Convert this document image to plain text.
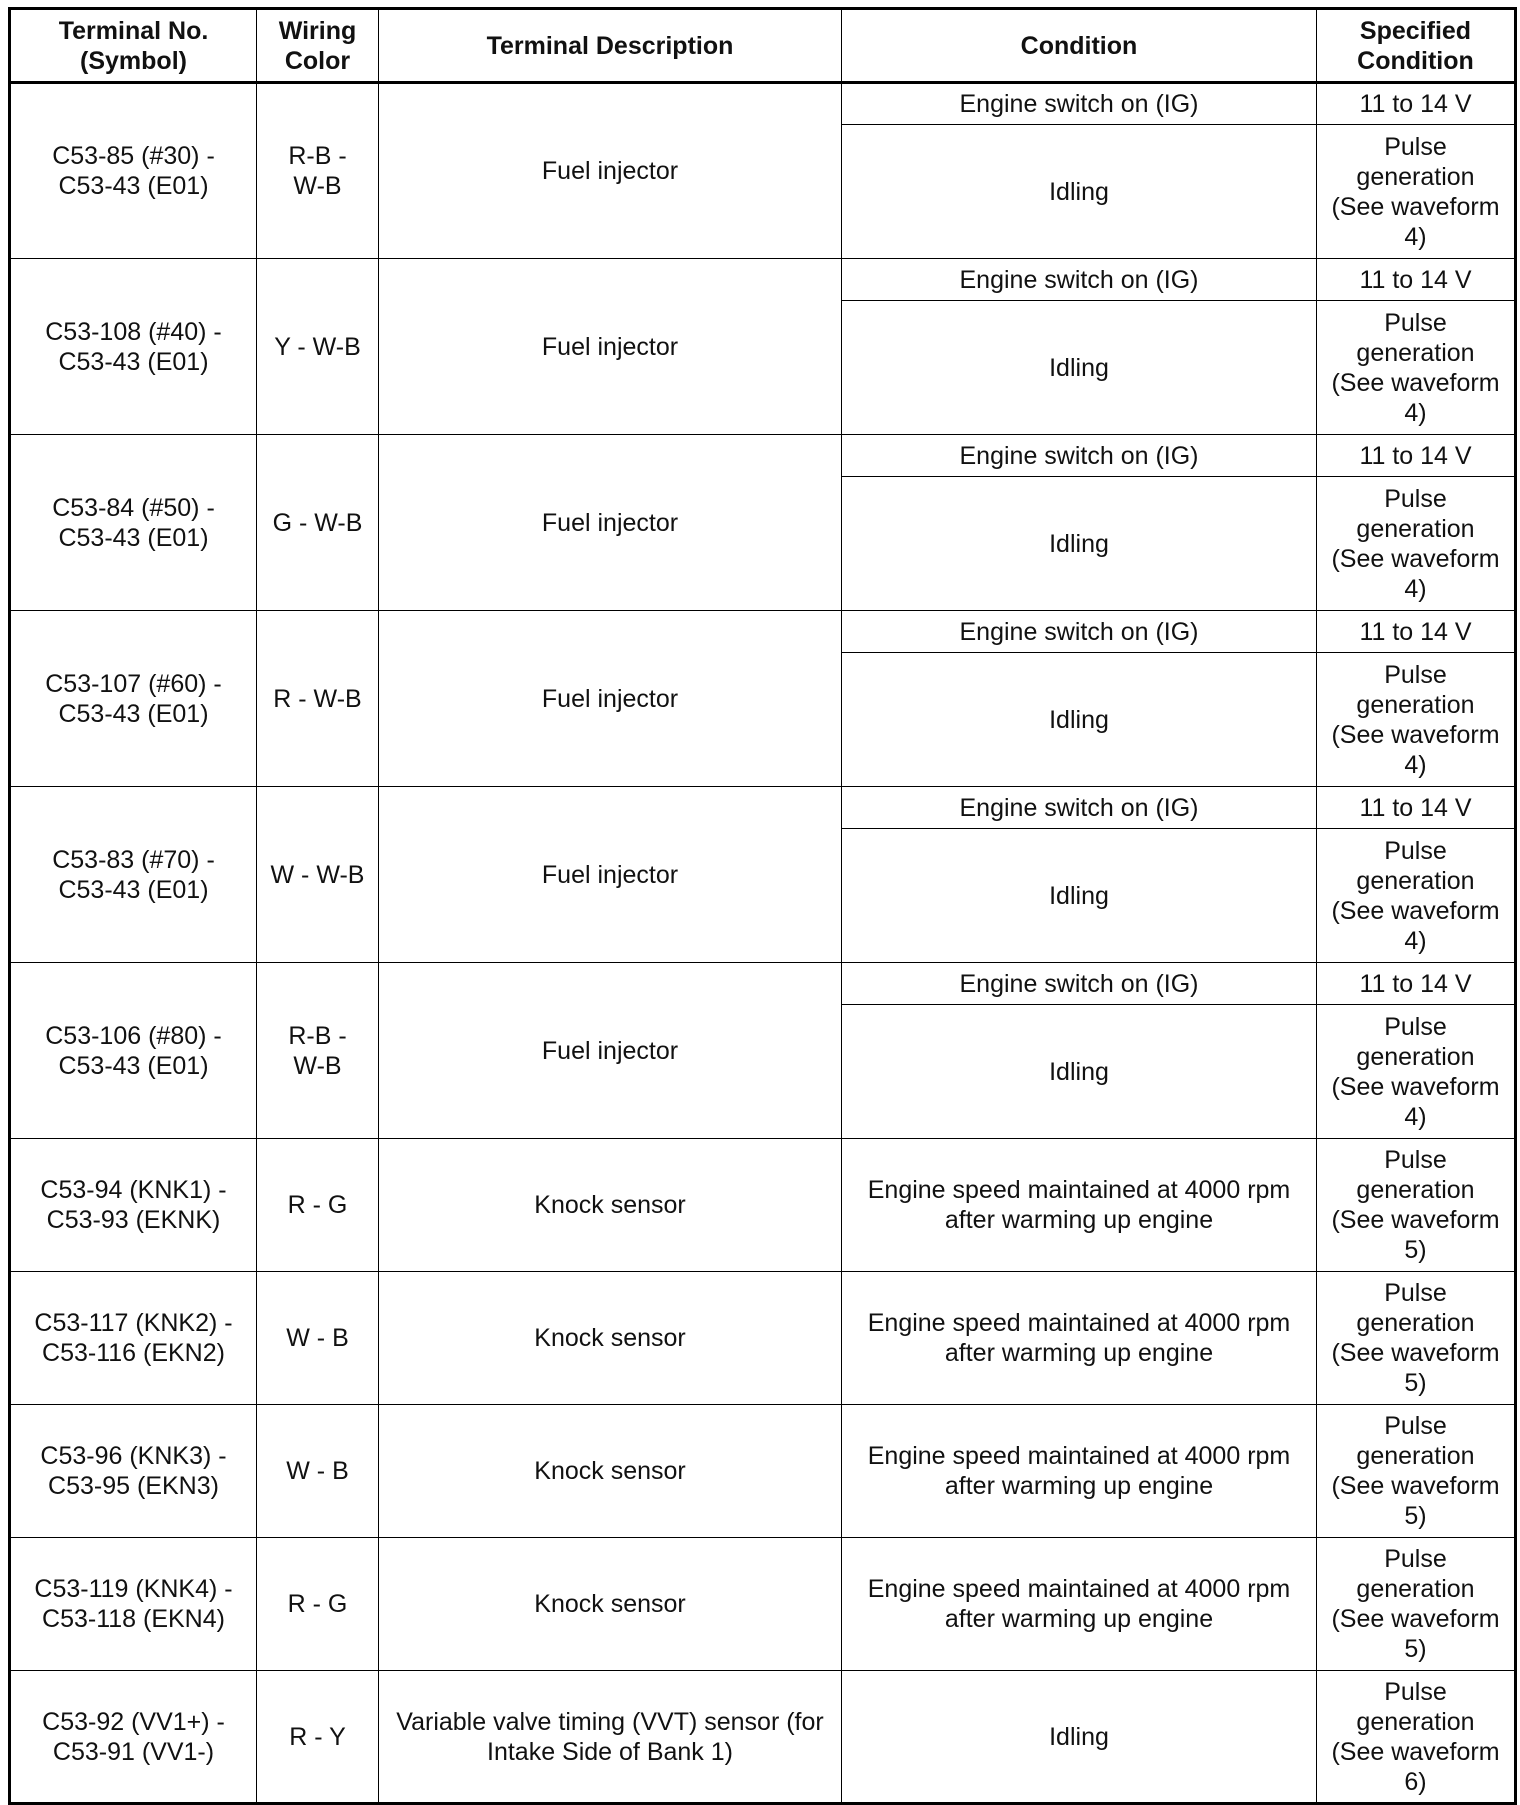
Terminal No.
(Symbol)	Wiring
Color	Terminal Description	Condition	Specified
Condition
C53-85 (#30) -
C53-43 (E01)	R-B -
W-B	Fuel injector	Engine switch on (IG)	11 to 14 V
			Idling	Pulse
generation
(See waveform
4)
C53-108 (#40) -
C53-43 (E01)	Y - W-B	Fuel injector	Engine switch on (IG)	11 to 14 V
			Idling	Pulse
generation
(See waveform
4)
C53-84 (#50) -
C53-43 (E01)	G - W-B	Fuel injector	Engine switch on (IG)	11 to 14 V
			Idling	Pulse
generation
(See waveform
4)
C53-107 (#60) -
C53-43 (E01)	R - W-B	Fuel injector	Engine switch on (IG)	11 to 14 V
			Idling	Pulse
generation
(See waveform
4)
C53-83 (#70) -
C53-43 (E01)	W - W-B	Fuel injector	Engine switch on (IG)	11 to 14 V
			Idling	Pulse
generation
(See waveform
4)
C53-106 (#80) -
C53-43 (E01)	R-B -
W-B	Fuel injector	Engine switch on (IG)	11 to 14 V
			Idling	Pulse
generation
(See waveform
4)
C53-94 (KNK1) -
C53-93 (EKNK)	R - G	Knock sensor	Engine speed maintained at 4000 rpm
after warming up engine	Pulse
generation
(See waveform
5)
C53-117 (KNK2) -
C53-116 (EKN2)	W - B	Knock sensor	Engine speed maintained at 4000 rpm
after warming up engine	Pulse
generation
(See waveform
5)
C53-96 (KNK3) -
C53-95 (EKN3)	W - B	Knock sensor	Engine speed maintained at 4000 rpm
after warming up engine	Pulse
generation
(See waveform
5)
C53-119 (KNK4) -
C53-118 (EKN4)	R - G	Knock sensor	Engine speed maintained at 4000 rpm
after warming up engine	Pulse
generation
(See waveform
5)
C53-92 (VV1+) -
C53-91 (VV1-)	R - Y	Variable valve timing (VVT) sensor (for
Intake Side of Bank 1)	Idling	Pulse
generation
(See waveform
6)
